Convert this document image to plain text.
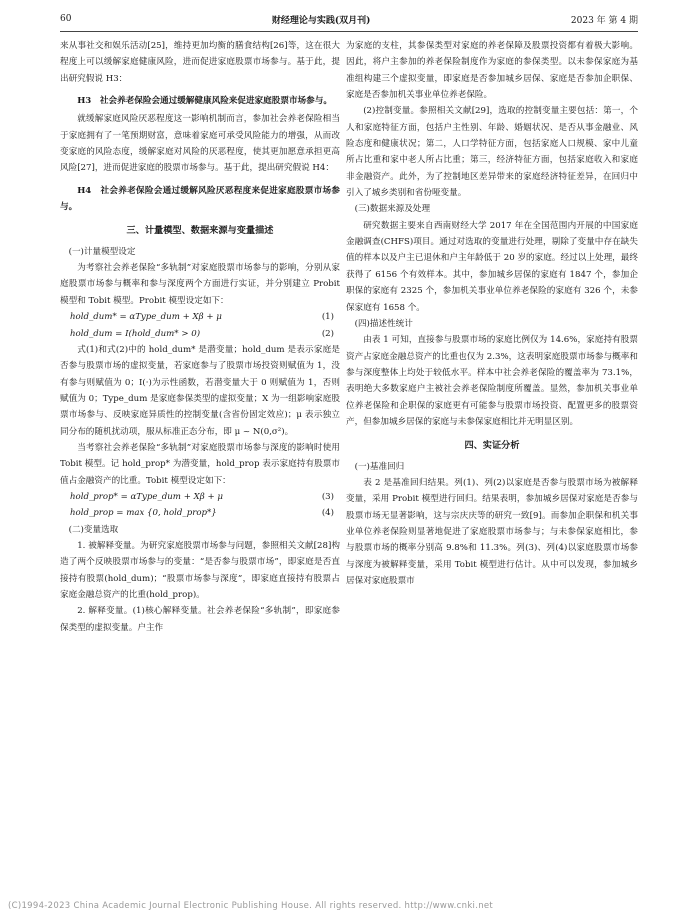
60	财经理论与实践(双月刊)	2023 年 第 4 期

来从事社交和娱乐活动[25]，维持更加均衡的膳食结构[26]等，这在很大程度上可以缓解家庭健康风险，进而促进家庭股票市场参与。基于此，提出研究假说 H3：

H3　社会养老保险会通过缓解健康风险来促进家庭股票市场参与。

就缓解家庭风险厌恶程度这一影响机制而言，参加社会养老保险相当于家庭拥有了一笔预期财富，意味着家庭可承受风险能力的增强，从而改变家庭的风险态度，缓解家庭对风险的厌恶程度，使其更加愿意承担更高风险[27]，进而促进家庭的股票市场参与。基于此，提出研究假说 H4：

H4　社会养老保险会通过缓解风险厌恶程度来促进家庭股票市场参与。

三、计量模型、数据来源与变量描述
(一)计量模型设定

为考察社会养老保险“多轨制”对家庭股票市场参与的影响，分别从家庭股票市场参与概率和参与深度两个方面进行实证，并分别建立 Probit 模型和 Tobit 模型。Probit 模型设定如下：

hold_dum* = αType_dum + Xβ + μ	(1)
hold_dum = I(hold_dum* > 0)	(2)

式(1)和式(2)中的 hold_dum* 是潜变量；hold_dum 是表示家庭是否参与股票市场的虚拟变量，若家庭参与了股票市场投资则赋值为 1，没有参与则赋值为 0；I(·)为示性函数，若潜变量大于 0 则赋值为 1，否则赋值为 0；Type_dum 是家庭参保类型的虚拟变量；X 为一组影响家庭股票市场参与、反映家庭异质性的控制变量(含省份固定效应)；μ 表示独立同分布的随机扰动项，服从标准正态分布，即 μ ~ N(0,σ²)。

当考察社会养老保险“多轨制”对家庭股票市场参与深度的影响时使用 Tobit 模型。记 hold_prop* 为潜变量，hold_prop 表示家庭持有股票市值占金融资产的比重。Tobit 模型设定如下：

hold_prop* = αType_dum + Xβ + μ	(3)
hold_prop = max {0, hold_prop*}	(4)
(二)变量选取

1. 被解释变量。为研究家庭股票市场参与问题，参照相关文献[28]构造了两个反映股票市场参与的变量：“是否参与股票市场”，即家庭是否直接持有股票(hold_dum)；“股票市场参与深度”，即家庭直接持有股票占家庭金融总资产的比重(hold_prop)。

2. 解释变量。(1)核心解释变量。社会养老保险“多轨制”，即家庭参保类型的虚拟变量。户主作

为家庭的支柱，其参保类型对家庭的养老保障及股票投资都有着极大影响。因此，将户主参加的养老保险制度作为家庭的参保类型。以未参保家庭为基准组构建三个虚拟变量，即家庭是否参加城乡居保、家庭是否参加企职保、家庭是否参加机关事业单位养老保险。

(2)控制变量。参照相关文献[29]，选取的控制变量主要包括：第一，个人和家庭特征方面，包括户主性别、年龄、婚姻状况、是否从事金融业、风险态度和健康状况；第二，人口学特征方面，包括家庭人口规模、家中儿童所占比重和家中老人所占比重；第三，经济特征方面，包括家庭收入和家庭非金融资产。此外，为了控制地区差异带来的家庭经济特征差异，在回归中引入了城乡类别和省份哑变量。

(三)数据来源及处理

研究数据主要来自西南财经大学 2017 年在全国范围内开展的中国家庭金融调查(CHFS)项目。通过对选取的变量进行处理，剔除了变量中存在缺失值的样本以及户主已退休和户主年龄低于 20 岁的家庭。经过以上处理，最终获得了 6156 个有效样本。其中，参加城乡居保的家庭有 1847 个，参加企职保的家庭有 2325 个，参加机关事业单位养老保险的家庭有 326 个，未参保家庭有 1658 个。

(四)描述性统计

由表 1 可知，直接参与股票市场的家庭比例仅为 14.6%，家庭持有股票资产占家庭金融总资产的比重也仅为 2.3%，这表明家庭股票市场参与概率和参与深度整体上均处于较低水平。样本中社会养老保险的覆盖率为 73.1%，表明绝大多数家庭户主被社会养老保险制度所覆盖。显然，参加机关事业单位养老保险和企职保的家庭更有可能参与股票市场投资、配置更多的股票资产，但参加城乡居保的家庭与未参保家庭相比并无明显区别。

四、实证分析
(一)基准回归

表 2 是基准回归结果。列(1)、列(2)以家庭是否参与股票市场为被解释变量，采用 Probit 模型进行回归。结果表明，参加城乡居保对家庭是否参与股票市场无显著影响，这与宗庆庆等的研究一致[9]。而参加企职保和机关事业单位养老保险则显著地促进了家庭股票市场参与；与未参保家庭相比，参与股票市场的概率分别高 9.8%和 11.3%。列(3)、列(4)以家庭股票市场参与深度为被解释变量，采用 Tobit 模型进行估计。从中可以发现，参加城乡居保对家庭股票市

(C)1994-2023 China Academic Journal Electronic Publishing House. All rights reserved. http://www.cnki.net
